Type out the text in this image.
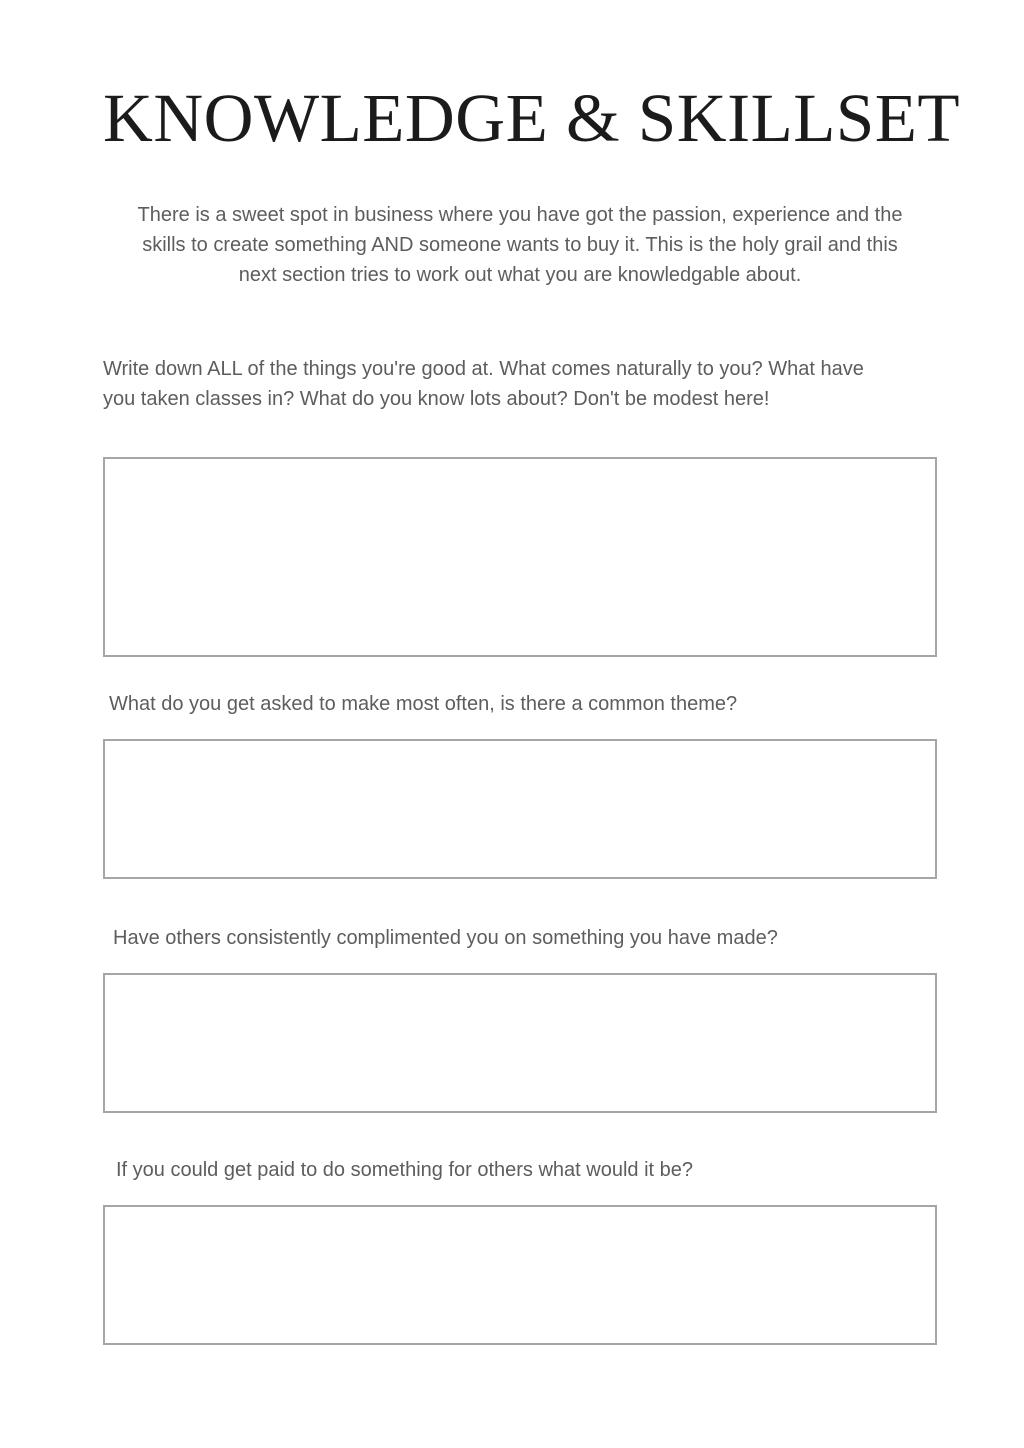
KNOWLEDGE & SKILLSET

There is a sweet spot in business where you have got the passion, experience and the skills to create something AND someone wants to buy it. This is the holy grail and this next section tries to work out what you are knowledgable about.

Write down ALL of the things you're good at. What comes naturally to you? What have you taken classes in? What do you know lots about? Don't be modest here!

What do you get asked to make most often, is there a common theme?

Have others consistently complimented you on something you have made?

If you could get paid to do something for others what would it be?
